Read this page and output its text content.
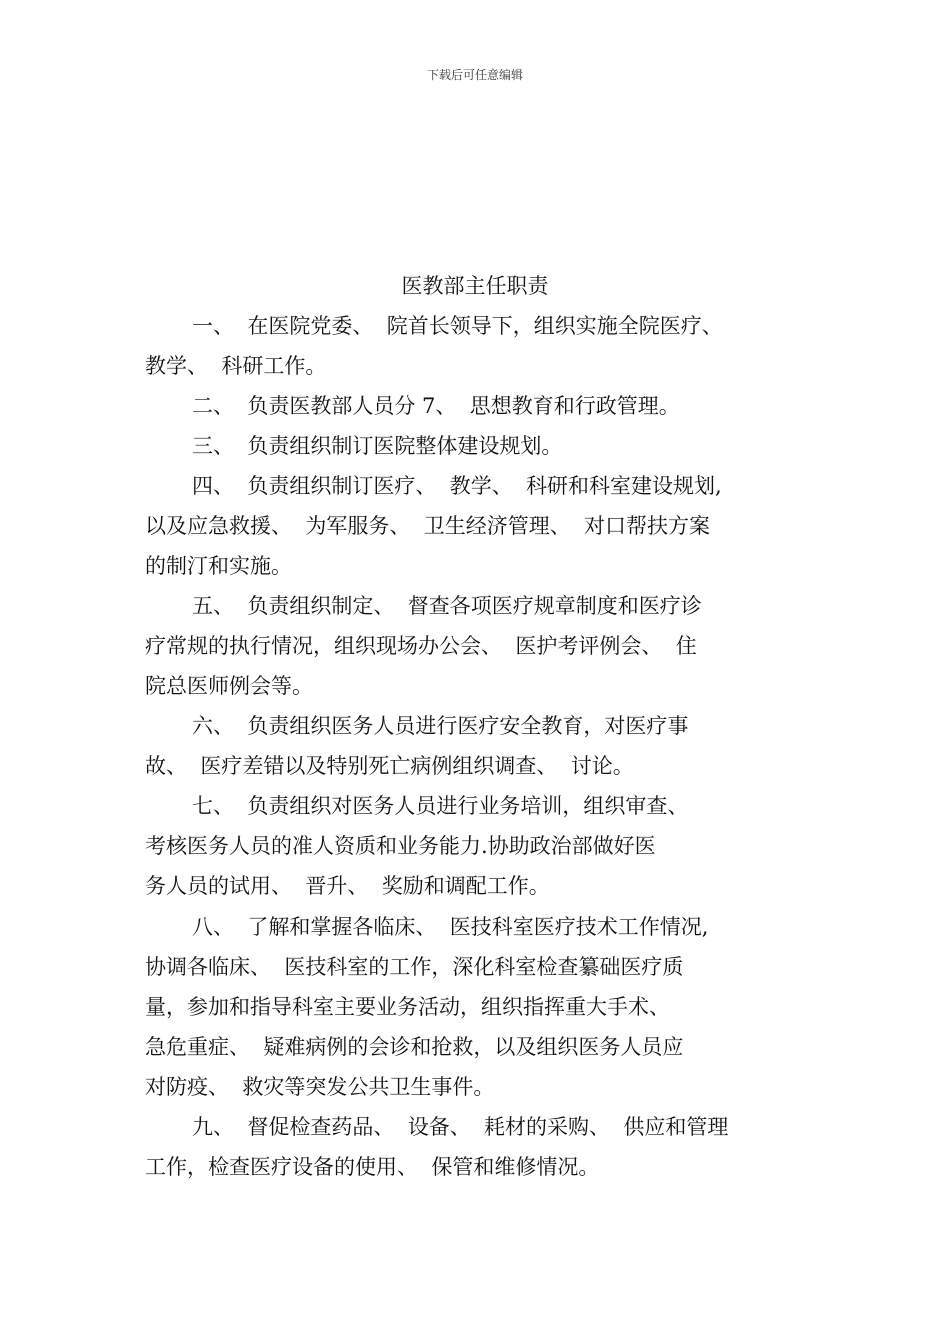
下载后可任意编辑
医教部主任职责
一、  在医院党委、  院首长领导下，组织实施全院医疗、
教学、  科研工作。
二、  负责医教部人员分 7、  思想教育和行政管理。
三、  负责组织制订医院整体建设规划。
四、  负责组织制订医疗、  教学、  科研和科室建设规划,
以及应急救援、  为军服务、  卫生经济管理、  对口帮扶方案
的制汀和实施。
五、  负责组织制定、  督查各项医疗规章制度和医疗诊
疗常规的执行情况，组织现场办公会、  医护考评例会、  住
院总医师例会等。
六、  负责组织医务人员进行医疗安全教育，对医疗事
故、  医疗差错以及特别死亡病例组织调查、  讨论。
七、  负责组织对医务人员进行业务培训，组织审查、
考核医务人员的准人资质和业务能力.协助政治部做好医
务人员的试用、  晋升、  奖励和调配工作。
八、  了解和掌握各临床、  医技科室医疗技术工作情况,
协调各临床、  医技科室的工作，深化科室检查纂础医疗质
量，参加和指导科室主要业务活动，组织指挥重大手术、
急危重症、  疑难病例的会诊和抢救，以及组织医务人员应
对防疫、  救灾等突发公共卫生事件。
九、  督促检查药品、  设备、  耗材的采购、  供应和管理
工作，检查医疗设备的使用、  保管和维修情况。
